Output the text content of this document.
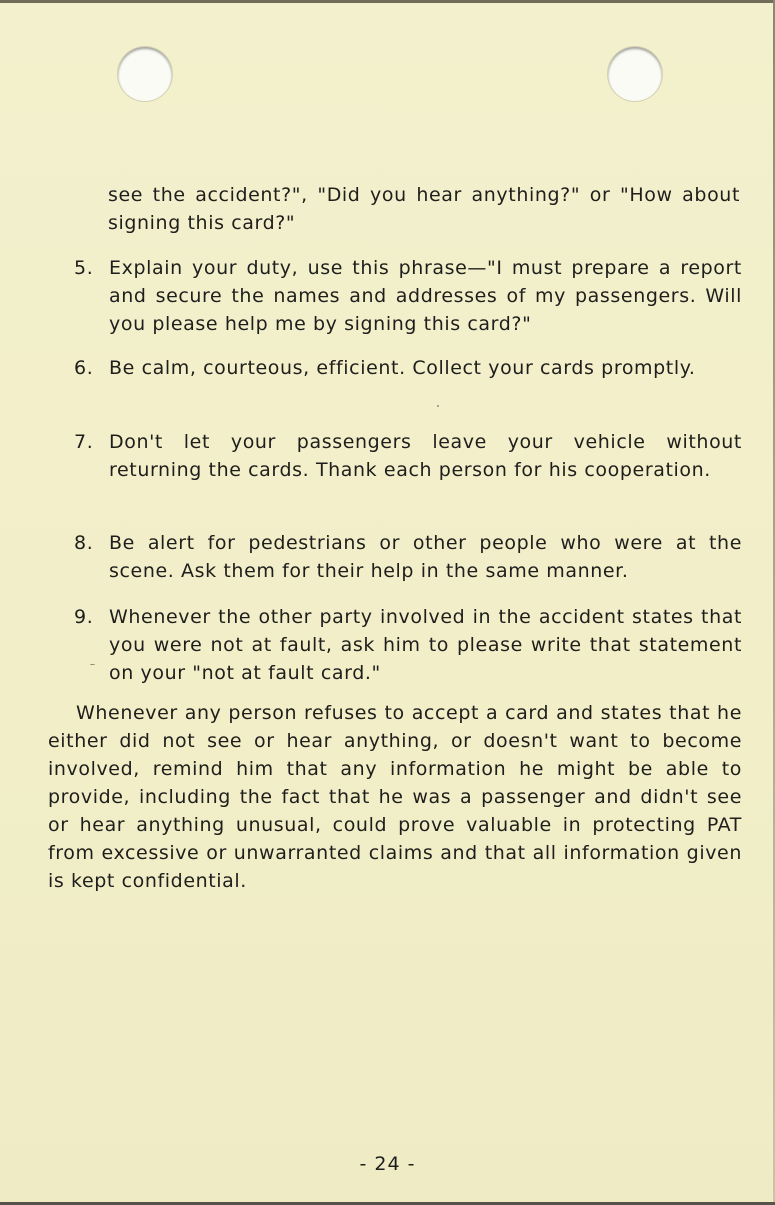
see the accident?", "Did you hear anything?" or "How about signing this card?"
5. Explain your duty, use this phrase—"I must prepare a report and secure the names and addresses of my passengers. Will you please help me by signing this card?"
6. Be calm, courteous, efficient. Collect your cards promptly.
7. Don't let your passengers leave your vehicle without returning the cards. Thank each person for his cooperation.
8. Be alert for pedestrians or other people who were at the scene. Ask them for their help in the same manner.
9. Whenever the other party involved in the accident states that you were not at fault, ask him to please write that statement on your "not at fault card."
Whenever any person refuses to accept a card and states that he either did not see or hear anything, or doesn't want to become involved, remind him that any information he might be able to provide, including the fact that he was a passenger and didn't see or hear anything unusual, could prove valuable in protecting PAT from excessive or unwarranted claims and that all information given is kept confidential.
- 24 -
